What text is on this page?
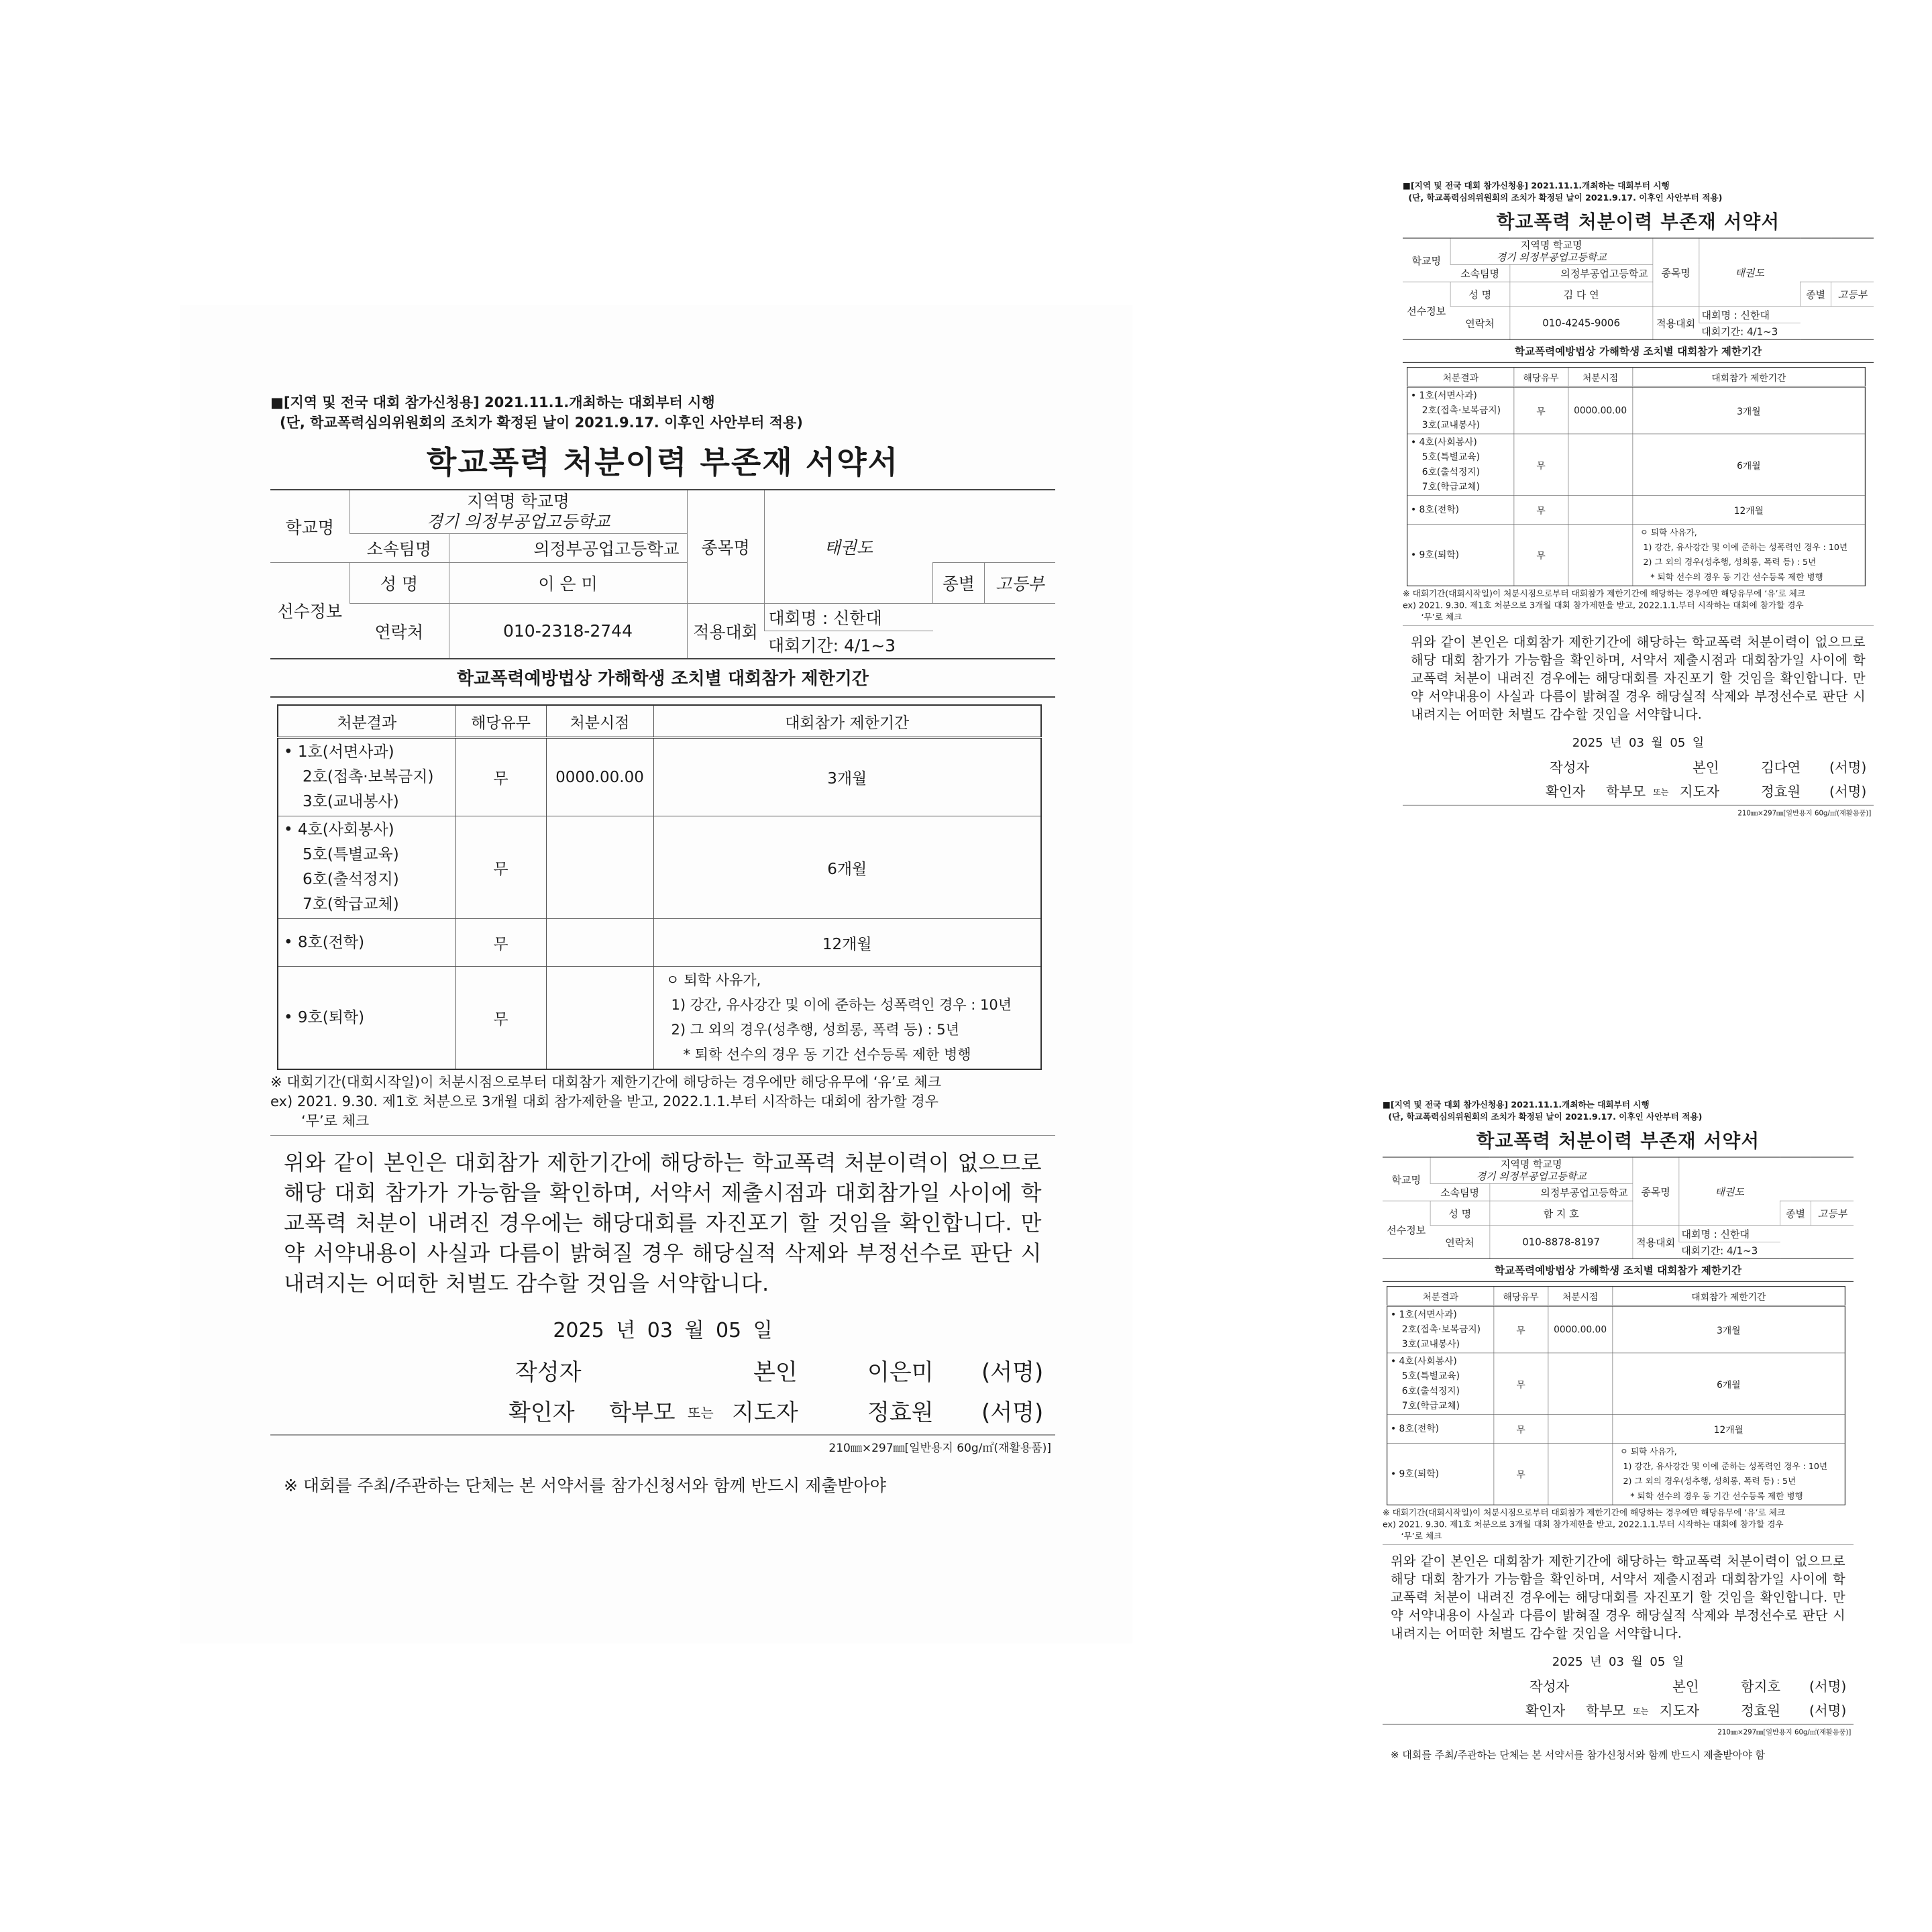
■[지역 및 전국 대회 참가신청용] 2021.11.1.개최하는 대회부터 시행
(단, 학교폭력심의위원회의 조치가 확정된 날이 2021.9.17. 이후인 사안부터 적용)
학교폭력 처분이력 부존재 서약서
학교명	지역명 학교명
경기 의정부공업고등학교		종목명	태권도		
	소속팀명	의정부공업고등학교				
선수정보	성 명	이 은 미			종별	고등부
	연락처	010-2318-2744	적용대회	대회명 : 신한대		
				대회기간: 4/1~3		
학교폭력예방법상 가해학생 조치별 대회참가 제한기간
처분결과	해당유무	처분시점	대회참가 제한기간

• 1호(서면사과)
2호(접촉·보복금지)
3호(교내봉사)	무	0000.00.00	3개월

• 4호(사회봉사)
5호(특별교육)
6호(출석정지)
7호(학급교체)	무		6개월
• 8호(전학)	무		12개월
• 9호(퇴학)	무		ㅇ 퇴학 사유가,
1) 강간, 유사강간 및 이에 준하는 성폭력인 경우 : 10년
2) 그 외의 경우(성추행, 성희롱, 폭력 등) : 5년
* 퇴학 선수의 경우 동 기간 선수등록 제한 병행
※ 대회기간(대회시작일)이 처분시점으로부터 대회참가 제한기간에 해당하는 경우에만 해당유무에 ‘유’로 체크
ex) 2021. 9.30. 제1호 처분으로 3개월 대회 참가제한을 받고, 2022.1.1.부터 시작하는 대회에 참가할 경우
‘무’로 체크
위와 같이 본인은 대회참가 제한기간에 해당하는 학교폭력 처분이력이 없으므로 해당 대회 참가가 가능함을 확인하며, 서약서 제출시점과 대회참가일 사이에 학교폭력 처분이 내려진 경우에는 해당대회를 자진포기 할 것임을 확인합니다. 만약 서약내용이 사실과 다름이 밝혀질 경우 해당실적 삭제와 부정선수로 판단 시 내려지는 어떠한 처벌도 감수할 것임을 서약합니다.
2025 년 03 월 05 일
작성자	본인	이은미 (서명)
확인자 학부모 또는 지도자	정효원 (서명)
210㎜×297㎜[일반용지 60g/㎡(재활용품)]
※ 대회를 주최/주관하는 단체는 본 서약서를 참가신청서와 함께 반드시 제출받아야
■[지역 및 전국 대회 참가신청용] 2021.11.1.개최하는 대회부터 시행
(단, 학교폭력심의위원회의 조치가 확정된 날이 2021.9.17. 이후인 사안부터 적용)
학교폭력 처분이력 부존재 서약서
학교명	지역명 학교명
경기 의정부공업고등학교		종목명	태권도		
	소속팀명	의정부공업고등학교				
선수정보	성 명	김 다 연			종별	고등부
	연락처	010-4245-9006	적용대회	대회명 : 신한대		
				대회기간: 4/1~3		
학교폭력예방법상 가해학생 조치별 대회참가 제한기간
처분결과	해당유무	처분시점	대회참가 제한기간

• 1호(서면사과)
2호(접촉·보복금지)
3호(교내봉사)	무	0000.00.00	3개월

• 4호(사회봉사)
5호(특별교육)
6호(출석정지)
7호(학급교체)	무		6개월
• 8호(전학)	무		12개월
• 9호(퇴학)	무		ㅇ 퇴학 사유가,
1) 강간, 유사강간 및 이에 준하는 성폭력인 경우 : 10년
2) 그 외의 경우(성추행, 성희롱, 폭력 등) : 5년
* 퇴학 선수의 경우 동 기간 선수등록 제한 병행
※ 대회기간(대회시작일)이 처분시점으로부터 대회참가 제한기간에 해당하는 경우에만 해당유무에 ‘유’로 체크
ex) 2021. 9.30. 제1호 처분으로 3개월 대회 참가제한을 받고, 2022.1.1.부터 시작하는 대회에 참가할 경우
‘무’로 체크
위와 같이 본인은 대회참가 제한기간에 해당하는 학교폭력 처분이력이 없으므로 해당 대회 참가가 가능함을 확인하며, 서약서 제출시점과 대회참가일 사이에 학교폭력 처분이 내려진 경우에는 해당대회를 자진포기 할 것임을 확인합니다. 만약 서약내용이 사실과 다름이 밝혀질 경우 해당실적 삭제와 부정선수로 판단 시 내려지는 어떠한 처벌도 감수할 것임을 서약합니다.
2025 년 03 월 05 일
작성자	본인 김다연 (서명)
확인자 학부모 또는 지도자 정효원 (서명)
210㎜×297㎜[일반용지 60g/㎡(재활용품)]
■[지역 및 전국 대회 참가신청용] 2021.11.1.개최하는 대회부터 시행
(단, 학교폭력심의위원회의 조치가 확정된 날이 2021.9.17. 이후인 사안부터 적용)
학교폭력 처분이력 부존재 서약서
학교명	지역명 학교명
경기 의정부공업고등학교		종목명	태권도		
	소속팀명	의정부공업고등학교				
선수정보	성 명	함 지 호			종별	고등부
	연락처	010-8878-8197	적용대회	대회명 : 신한대		
				대회기간: 4/1~3		
학교폭력예방법상 가해학생 조치별 대회참가 제한기간
처분결과	해당유무	처분시점	대회참가 제한기간

• 1호(서면사과)
2호(접촉·보복금지)
3호(교내봉사)	무	0000.00.00	3개월

• 4호(사회봉사)
5호(특별교육)
6호(출석정지)
7호(학급교체)	무		6개월
• 8호(전학)	무		12개월
• 9호(퇴학)	무		ㅇ 퇴학 사유가,
1) 강간, 유사강간 및 이에 준하는 성폭력인 경우 : 10년
2) 그 외의 경우(성추행, 성희롱, 폭력 등) : 5년
* 퇴학 선수의 경우 동 기간 선수등록 제한 병행
※ 대회기간(대회시작일)이 처분시점으로부터 대회참가 제한기간에 해당하는 경우에만 해당유무에 ‘유’로 체크
ex) 2021. 9.30. 제1호 처분으로 3개월 대회 참가제한을 받고, 2022.1.1.부터 시작하는 대회에 참가할 경우
‘무’로 체크
위와 같이 본인은 대회참가 제한기간에 해당하는 학교폭력 처분이력이 없으므로 해당 대회 참가가 가능함을 확인하며, 서약서 제출시점과 대회참가일 사이에 학교폭력 처분이 내려진 경우에는 해당대회를 자진포기 할 것임을 확인합니다. 만약 서약내용이 사실과 다름이 밝혀질 경우 해당실적 삭제와 부정선수로 판단 시 내려지는 어떠한 처벌도 감수할 것임을 서약합니다.
2025 년 03 월 05 일
작성자	본인 함지호 (서명)
확인자 학부모 또는 지도자 정효원 (서명)
210㎜×297㎜[일반용지 60g/㎡(재활용품)]
※ 대회를 주최/주관하는 단체는 본 서약서를 참가신청서와 함께 반드시 제출받아야 함
